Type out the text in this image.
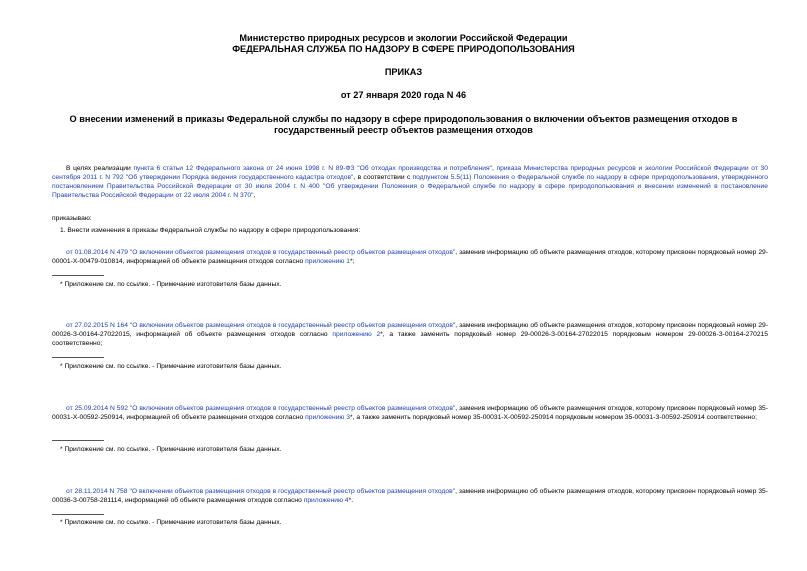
Министерство природных ресурсов и экологии Российской Федерации
ФЕДЕРАЛЬНАЯ СЛУЖБА ПО НАДЗОРУ В СФЕРЕ ПРИРОДОПОЛЬЗОВАНИЯ
ПРИКАЗ
от 27 января 2020 года N 46
О внесении изменений в приказы Федеральной службы по надзору в сфере природопользования о включении объектов размещения отходов в государственный реестр объектов размещения отходов
В целях реализации пункта 6 статьи 12 Федерального закона от 24 июня 1998 г. N 89-ФЗ "Об отходах производства и потребления", приказа Министерства природных ресурсов и экологии Российской Федерации от 30 сентября 2011 г. N 792 "Об утверждении Порядка ведения государственного кадастра отходов", в соответствии с подпунктом 5.5(11) Положения о Федеральной службе по надзору в сфере природопользования, утвержденного постановлением Правительства Российской Федерации от 30 июля 2004 г. N 400 "Об утверждении Положения о Федеральной службе по надзору в сфере природопользования и внесении изменений в постановление Правительства Российской Федерации от 22 июля 2004 г. N 370",
приказываю:
1. Внести изменения в приказы Федеральной службы по надзору в сфере природопользования:
от 01.08.2014 N 479 "О включении объектов размещения отходов в государственный реестр объектов размещения отходов", заменив информацию об объекте размещения отходов, которому присвоен порядковый номер 29-00001-Х-00479-010814, информацией об объекте размещения отходов согласно приложению 1*;
* Приложение см. по ссылке. - Примечание изготовителя базы данных.
от 27.02.2015 N 164 "О включении объектов размещения отходов в государственный реестр объектов размещения отходов", заменив информацию об объекте размещения отходов, которому присвоен порядковый номер 29-00026-З-00164-27022015, информацией об объекте размещения отходов согласно приложению 2*, а также заменить порядковый номер 29-00026-З-00164-27022015 порядковым номером 29-00026-З-00164-270215 соответственно;
* Приложение см. по ссылке. - Примечание изготовителя базы данных.
от 25.09.2014 N 592 "О включении объектов размещения отходов в государственный реестр объектов размещения отходов", заменив информацию об объекте размещения отходов, которому присвоен порядковый номер 35-00031-Х-00592-250914, информацией об объекте размещения отходов согласно приложению 3*, а также заменить порядковый номер 35-00031-Х-00592-250914 порядковым номером 35-00031-З-00592-250914 соответственно;
* Приложение см. по ссылке. - Примечание изготовителя базы данных.
от 28.11.2014 N 758 "О включении объектов размещения отходов в государственный реестр объектов размещения отходов", заменив информацию об объекте размещения отходов, которому присвоен порядковый номер 35-00036-З-00758-281114, информацией об объекте размещения отходов согласно приложению 4*.
* Приложение см. по ссылке. - Примечание изготовителя базы данных.
